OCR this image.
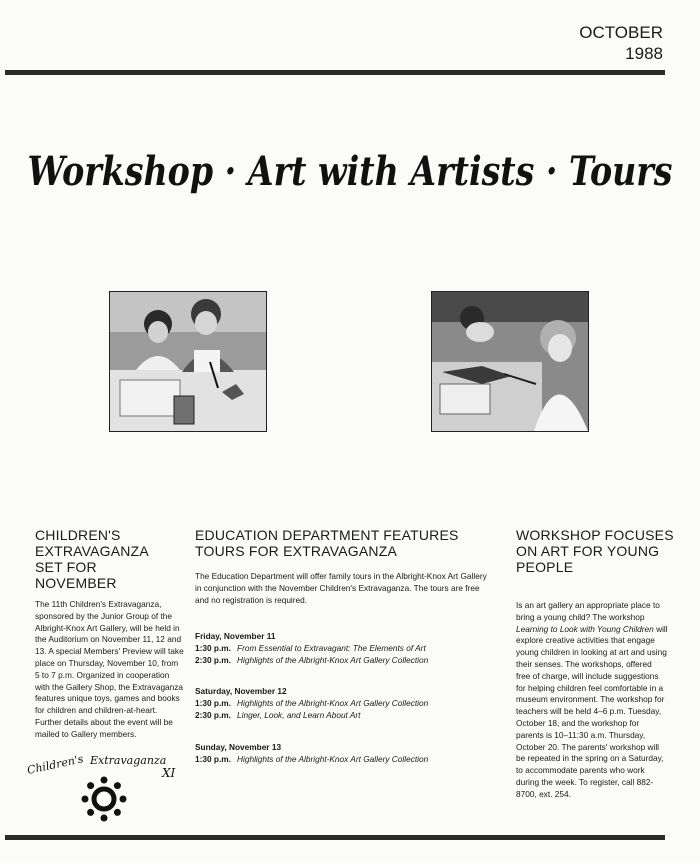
OCTOBER
1988
Workshop · Art with Artists · Tours
CHILDREN'S EXTRAVAGANZA SET FOR NOVEMBER

The 11th Children's Extravaganza, sponsored by the Junior Group of the Albright-Knox Art Gallery, will be held in the Auditorium on November 11, 12 and 13. A special Members' Preview will take place on Thursday, November 10, from 5 to 7 p.m. Organized in cooperation with the Gallery Shop, the Extravaganza features unique toys, games and books for children and children-at-heart. Further details about the event will be mailed to Gallery members.

Children's Extravaganza
XI
EDUCATION DEPARTMENT FEATURES TOURS FOR EXTRAVAGANZA

The Education Department will offer family tours in the Albright-Knox Art Gallery in conjunction with the November Children's Extravaganza. The tours are free and no registration is required.

Friday, November 11
1:30 p.m. From Essential to Extravagant: The Elements of Art
2:30 p.m. Highlights of the Albright-Knox Art Gallery Collection
Saturday, November 12
1:30 p.m. Highlights of the Albright-Knox Art Gallery Collection
2:30 p.m. Linger, Look, and Learn About Art
Sunday, November 13
1:30 p.m. Highlights of the Albright-Knox Art Gallery Collection
WORKSHOP FOCUSES ON ART FOR YOUNG PEOPLE

Is an art gallery an appropriate place to bring a young child? The workshop Learning to Look with Young Children will explore creative activities that engage young children in looking at art and using their senses. The workshops, offered free of charge, will include suggestions for helping children feel comfortable in a museum environment. The workshop for teachers will be held 4–6 p.m. Tuesday, October 18, and the workshop for parents is 10–11:30 a.m. Thursday, October 20. The parents' workshop will be repeated in the spring on a Saturday, to accommodate parents who work during the week. To register, call 882-8700, ext. 254.
